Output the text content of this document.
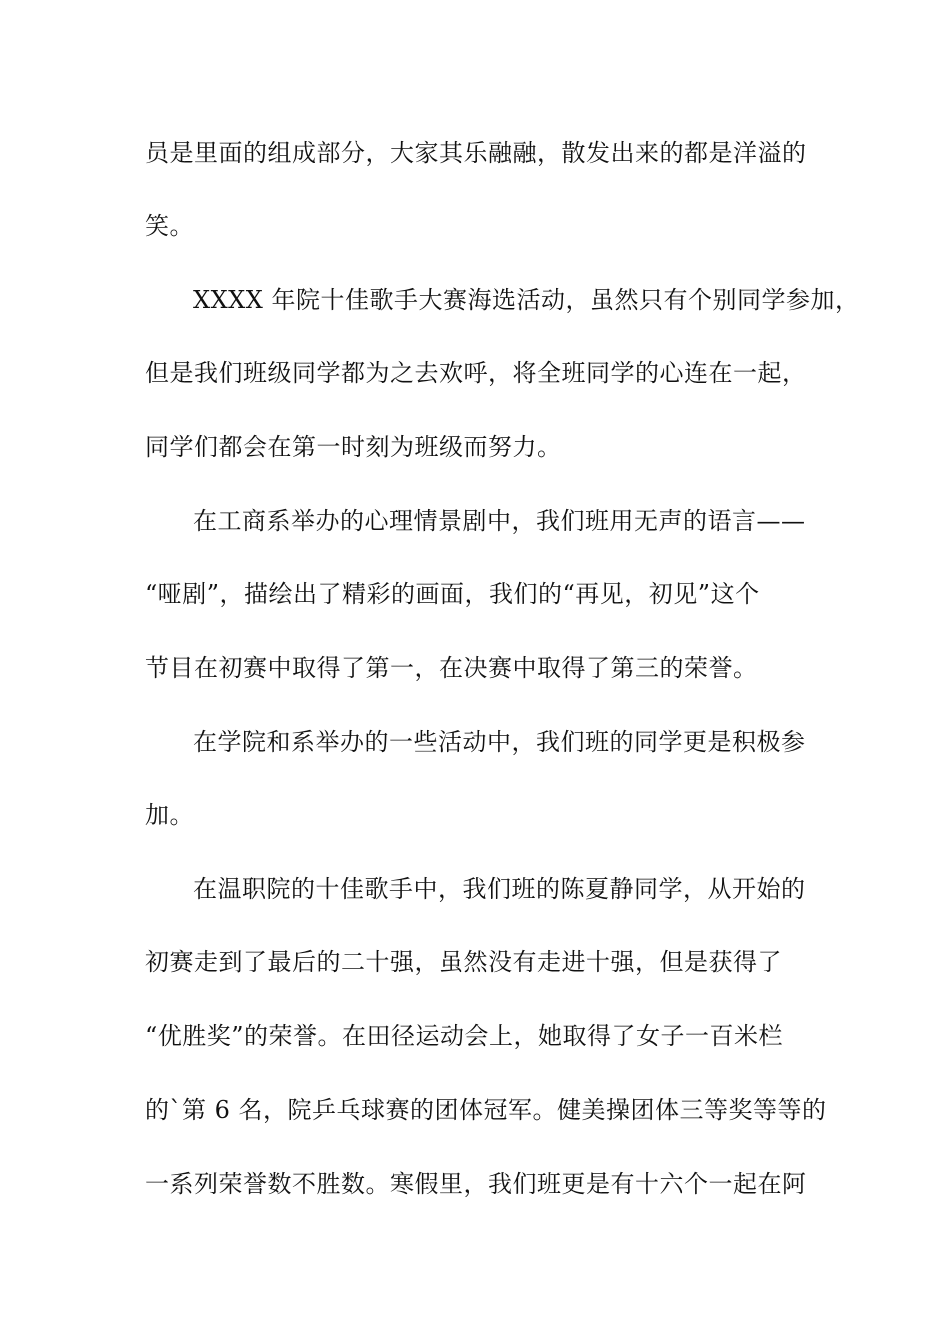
员是里面的组成部分，大家其乐融融，散发出来的都是洋溢的
笑。
XXXX 年院十佳歌手大赛海选活动，虽然只有个别同学参加，
但是我们班级同学都为之去欢呼，将全班同学的心连在一起，
同学们都会在第一时刻为班级而努力。
在工商系举办的心理情景剧中，我们班用无声的语言——
“哑剧”，描绘出了精彩的画面，我们的“再见，初见”这个
节目在初赛中取得了第一，在决赛中取得了第三的荣誉。
在学院和系举办的一些活动中，我们班的同学更是积极参
加。
在温职院的十佳歌手中，我们班的陈夏静同学，从开始的
初赛走到了最后的二十强，虽然没有走进十强，但是获得了
“优胜奖”的荣誉。在田径运动会上，她取得了女子一百米栏
的`第 6 名，院乒乓球赛的团体冠军。健美操团体三等奖等等的
一系列荣誉数不胜数。寒假里，我们班更是有十六个一起在阿
